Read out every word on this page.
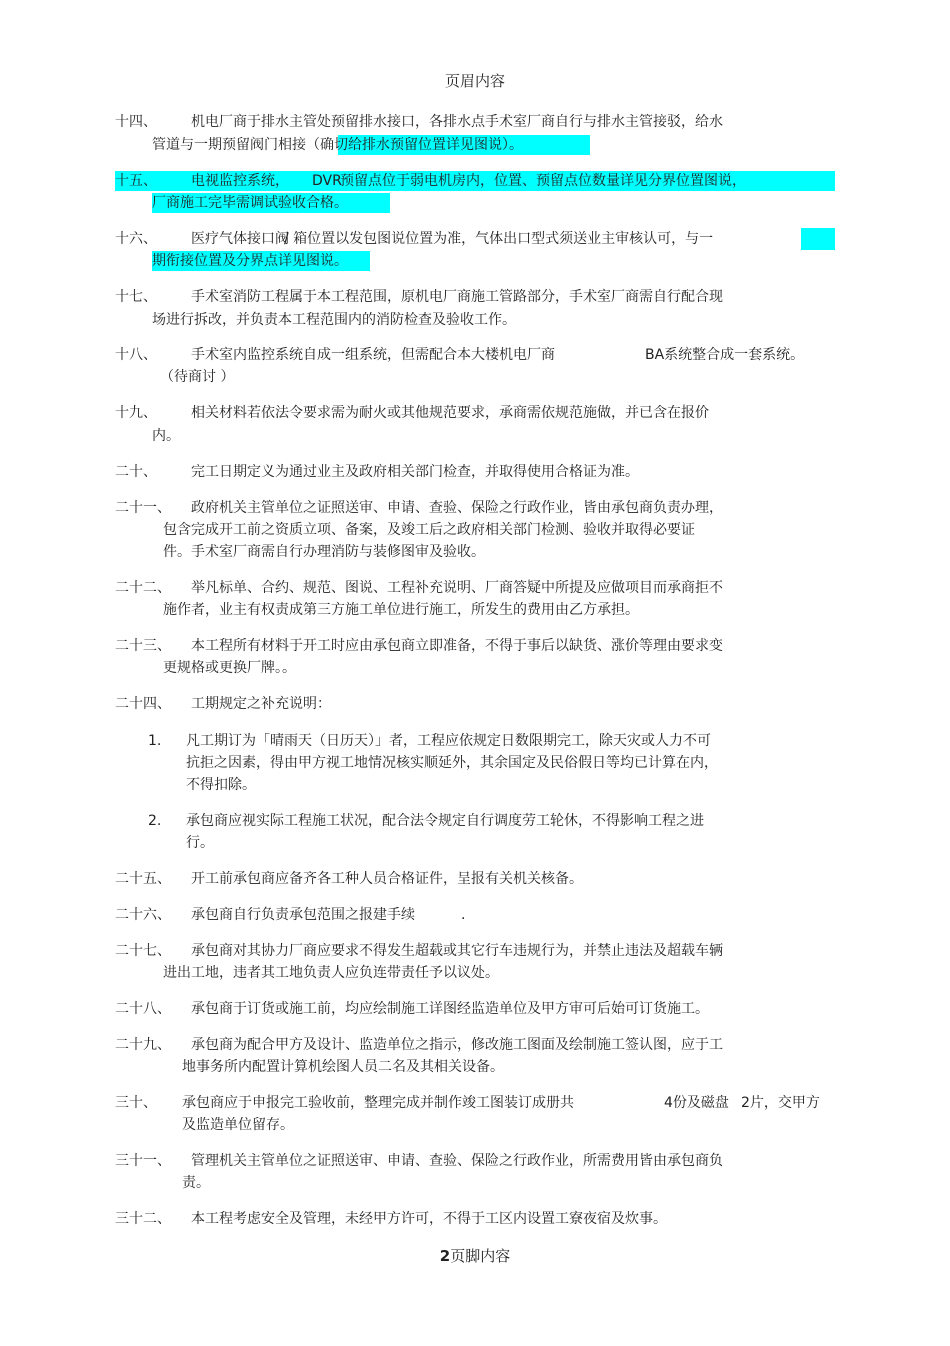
页眉内容
十四、 机电厂商于排水主管处预留排水接口，各排水点手术室厂商自行与排水主管接驳，给水
管道与一期预留阀门相接（确切给排水预留位置详见图说）。
十五、 电视监控系统， DVR
预留点位于弱电机房内，位置、预留点位数量详见分界位置图说，
厂商施工完毕需调试验收合格。
十六、 医疗气体接口阀
/ 箱位置以发包图说位置为准，气体出口型式须送业主审核认可，与一
期衔接位置及分界点详见图说。
十七、 手术室消防工程属于本工程范围，原机电厂商施工管路部分，手术室厂商需自行配合现
场进行拆改，并负责本工程范围内的消防检查及验收工作。
十八、 手术室内监控系统自成一组系统，但需配合本大楼机电厂商	BA系统整合成一套系统。
（待商讨 ）
十九、 相关材料若依法令要求需为耐火或其他规范要求，承商需依规范施做，并已含在报价
内。
二十、 完工日期定义为通过业主及政府相关部门检查，并取得使用合格证为准。
二十一、 政府机关主管单位之证照送审、申请、查验、保险之行政作业，皆由承包商负责办理，
包含完成开工前之资质立项、备案，及竣工后之政府相关部门检测、验收并取得必要证
件。手术室厂商需自行办理消防与装修图审及验收。
二十二、 举凡标单、合约、规范、图说、工程补充说明、厂商答疑中所提及应做项目而承商拒不
施作者，业主有权责成第三方施工单位进行施工，所发生的费用由乙方承担。
二十三、 本工程所有材料于开工时应由承包商立即准备，不得于事后以缺货、涨价等理由要求变
更规格或更换厂牌。。
二十四、 工期规定之补充说明：
1. 凡工期订为「晴雨天（日历天）」者，工程应依规定日数限期完工，除天灾或人力不可
抗拒之因素，得由甲方视工地情况核实顺延外，其余国定及民俗假日等均已计算在内，
不得扣除。
2. 承包商应视实际工程施工状况，配合法令规定自行调度劳工轮休，不得影响工程之进
行。
二十五、 开工前承包商应备齐各工种人员合格证件，呈报有关机关核备。
二十六、 承包商自行负责承包范围之报建手续	.
二十七、 承包商对其协力厂商应要求不得发生超载或其它行车违规行为，并禁止违法及超载车辆
进出工地，违者其工地负责人应负连带责任予以议处。
二十八、 承包商于订货或施工前，均应绘制施工详图经监造单位及甲方审可后始可订货施工。
二十九、 承包商为配合甲方及设计、监造单位之指示，修改施工图面及绘制施工签认图，应于工
地事务所内配置计算机绘图人员二名及其相关设备。
三十、 承包商应于申报完工验收前，整理完成并制作竣工图装订成册共	4份及磁盘 2片，交甲方
及监造单位留存。
三十一、 管理机关主管单位之证照送审、申请、查验、保险之行政作业，所需费用皆由承包商负
责。
三十二、 本工程考虑安全及管理，未经甲方许可，不得于工区内设置工寮夜宿及炊事。
2页脚内容
